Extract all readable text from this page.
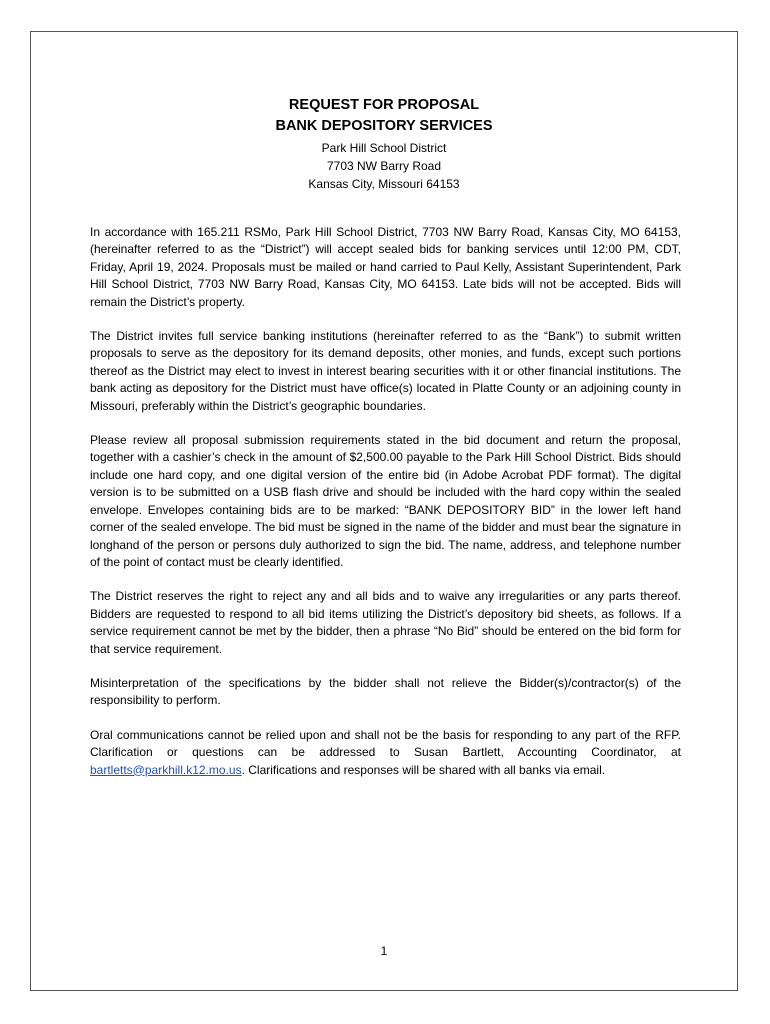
REQUEST FOR PROPOSAL

BANK DEPOSITORY SERVICES

Park Hill School District

7703 NW Barry Road

Kansas City, Missouri 64153

In accordance with 165.211 RSMo, Park Hill School District, 7703 NW Barry Road, Kansas City, MO 64153, (hereinafter referred to as the “District”) will accept sealed bids for banking services until 12:00 PM, CDT, Friday, April 19, 2024. Proposals must be mailed or hand carried to Paul Kelly, Assistant Superintendent, Park Hill School District, 7703 NW Barry Road, Kansas City, MO 64153. Late bids will not be accepted. Bids will remain the District’s property.

The District invites full service banking institutions (hereinafter referred to as the “Bank”) to submit written proposals to serve as the depository for its demand deposits, other monies, and funds, except such portions thereof as the District may elect to invest in interest bearing securities with it or other financial institutions. The bank acting as depository for the District must have office(s) located in Platte County or an adjoining county in Missouri, preferably within the District’s geographic boundaries.

Please review all proposal submission requirements stated in the bid document and return the proposal, together with a cashier’s check in the amount of $2,500.00 payable to the Park Hill School District. Bids should include one hard copy, and one digital version of the entire bid (in Adobe Acrobat PDF format). The digital version is to be submitted on a USB flash drive and should be included with the hard copy within the sealed envelope. Envelopes containing bids are to be marked: “BANK DEPOSITORY BID” in the lower left hand corner of the sealed envelope. The bid must be signed in the name of the bidder and must bear the signature in longhand of the person or persons duly authorized to sign the bid. The name, address, and telephone number of the point of contact must be clearly identified.

The District reserves the right to reject any and all bids and to waive any irregularities or any parts thereof. Bidders are requested to respond to all bid items utilizing the District’s depository bid sheets, as follows. If a service requirement cannot be met by the bidder, then a phrase “No Bid” should be entered on the bid form for that service requirement.

Misinterpretation of the specifications by the bidder shall not relieve the Bidder(s)/contractor(s) of the responsibility to perform.

Oral communications cannot be relied upon and shall not be the basis for responding to any part of the RFP. Clarification or questions can be addressed to Susan Bartlett, Accounting Coordinator, at bartletts@parkhill.k12.mo.us. Clarifications and responses will be shared with all banks via email.

1
